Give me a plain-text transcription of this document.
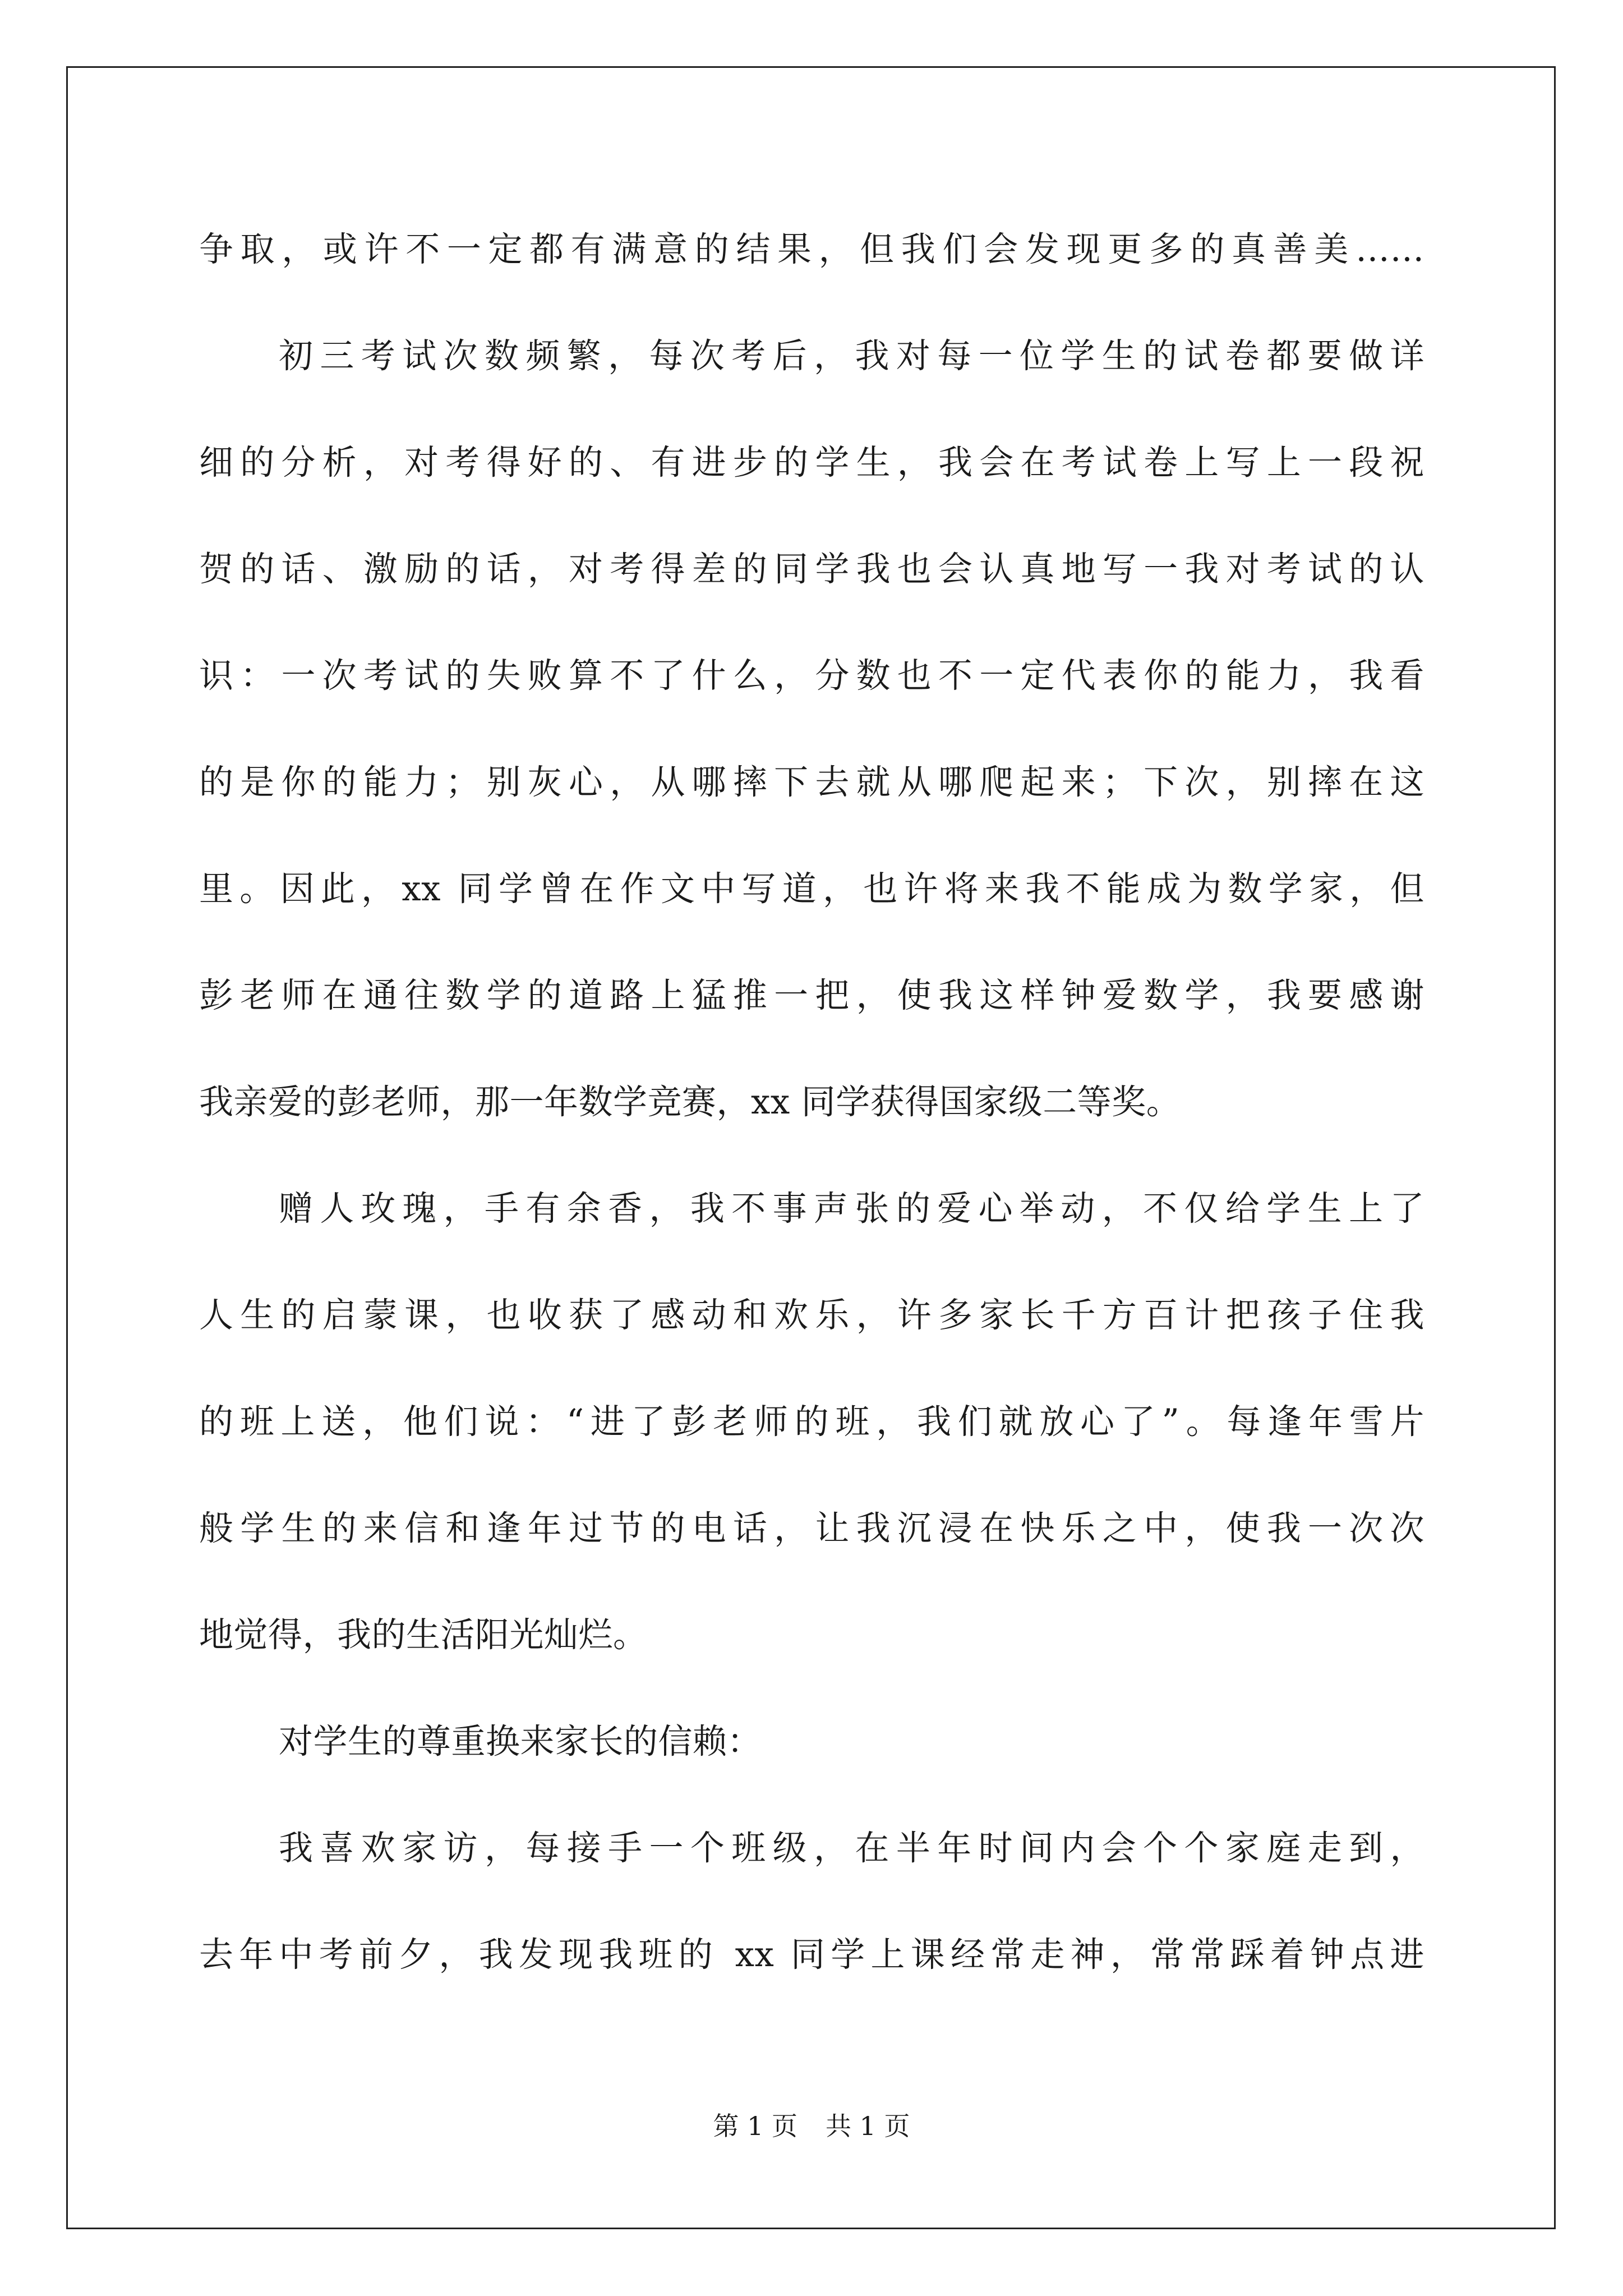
争取，或许不一定都有满意的结果，但我们会发现更多的真善美……
初三考试次数频繁，每次考后，我对每一位学生的试卷都要做详
细的分析，对考得好的、有进步的学生，我会在考试卷上写上一段祝
贺的话、激励的话，对考得差的同学我也会认真地写一我对考试的认
识：一次考试的失败算不了什么，分数也不一定代表你的能力，我看
的是你的能力；别灰心，从哪摔下去就从哪爬起来；下次，别摔在这
里。因此，xx 同学曾在作文中写道，也许将来我不能成为数学家，但
彭老师在通往数学的道路上猛推一把，使我这样钟爱数学，我要感谢
我亲爱的彭老师，那一年数学竞赛，xx 同学获得国家级二等奖。
赠人玫瑰，手有余香，我不事声张的爱心举动，不仅给学生上了
人生的启蒙课，也收获了感动和欢乐，许多家长千方百计把孩子住我
的班上送，他们说：“进了彭老师的班，我们就放心了”。每逢年雪片
般学生的来信和逢年过节的电话，让我沉浸在快乐之中，使我一次次
地觉得，我的生活阳光灿烂。
对学生的尊重换来家长的信赖：
我喜欢家访，每接手一个班级，在半年时间内会个个家庭走到，
去年中考前夕，我发现我班的 xx 同学上课经常走神，常常踩着钟点进
第 1 页 共 1 页
